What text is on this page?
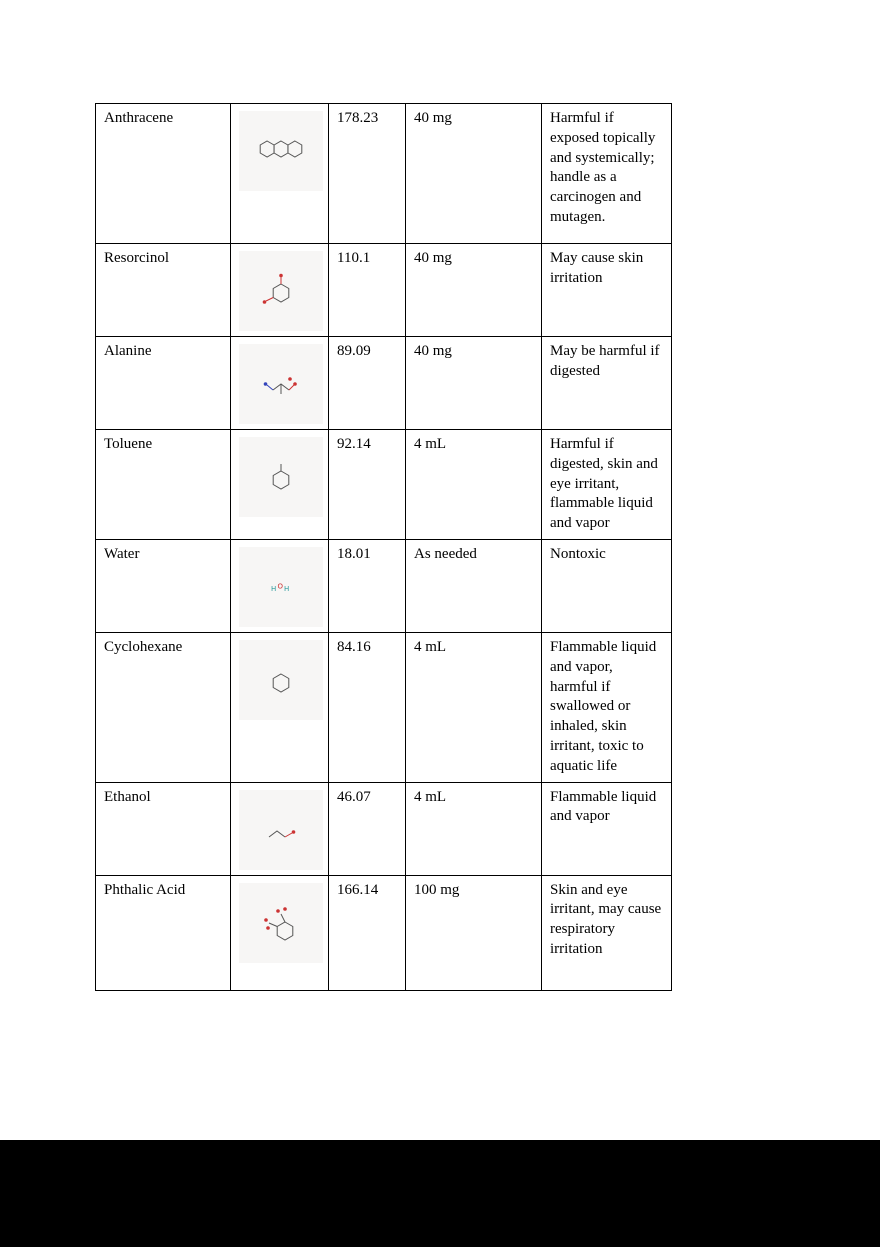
Anthracene		178.23	40 mg	Harmful if exposed topically and systemically; handle as a carcinogen and mutagen.
Resorcinol		110.1	40 mg	May cause skin irritation
Alanine		89.09	40 mg	May be harmful if digested
Toluene		92.14	4 mL	Harmful if digested, skin and eye irritant, flammable liquid and vapor
Water	H O H	18.01	As needed	Nontoxic
Cyclohexane		84.16	4 mL	Flammable liquid and vapor, harmful if swallowed or inhaled, skin irritant, toxic to aquatic life
Ethanol		46.07	4 mL	Flammable liquid and vapor
Phthalic Acid		166.14	100 mg	Skin and eye irritant, may cause respiratory irritation
